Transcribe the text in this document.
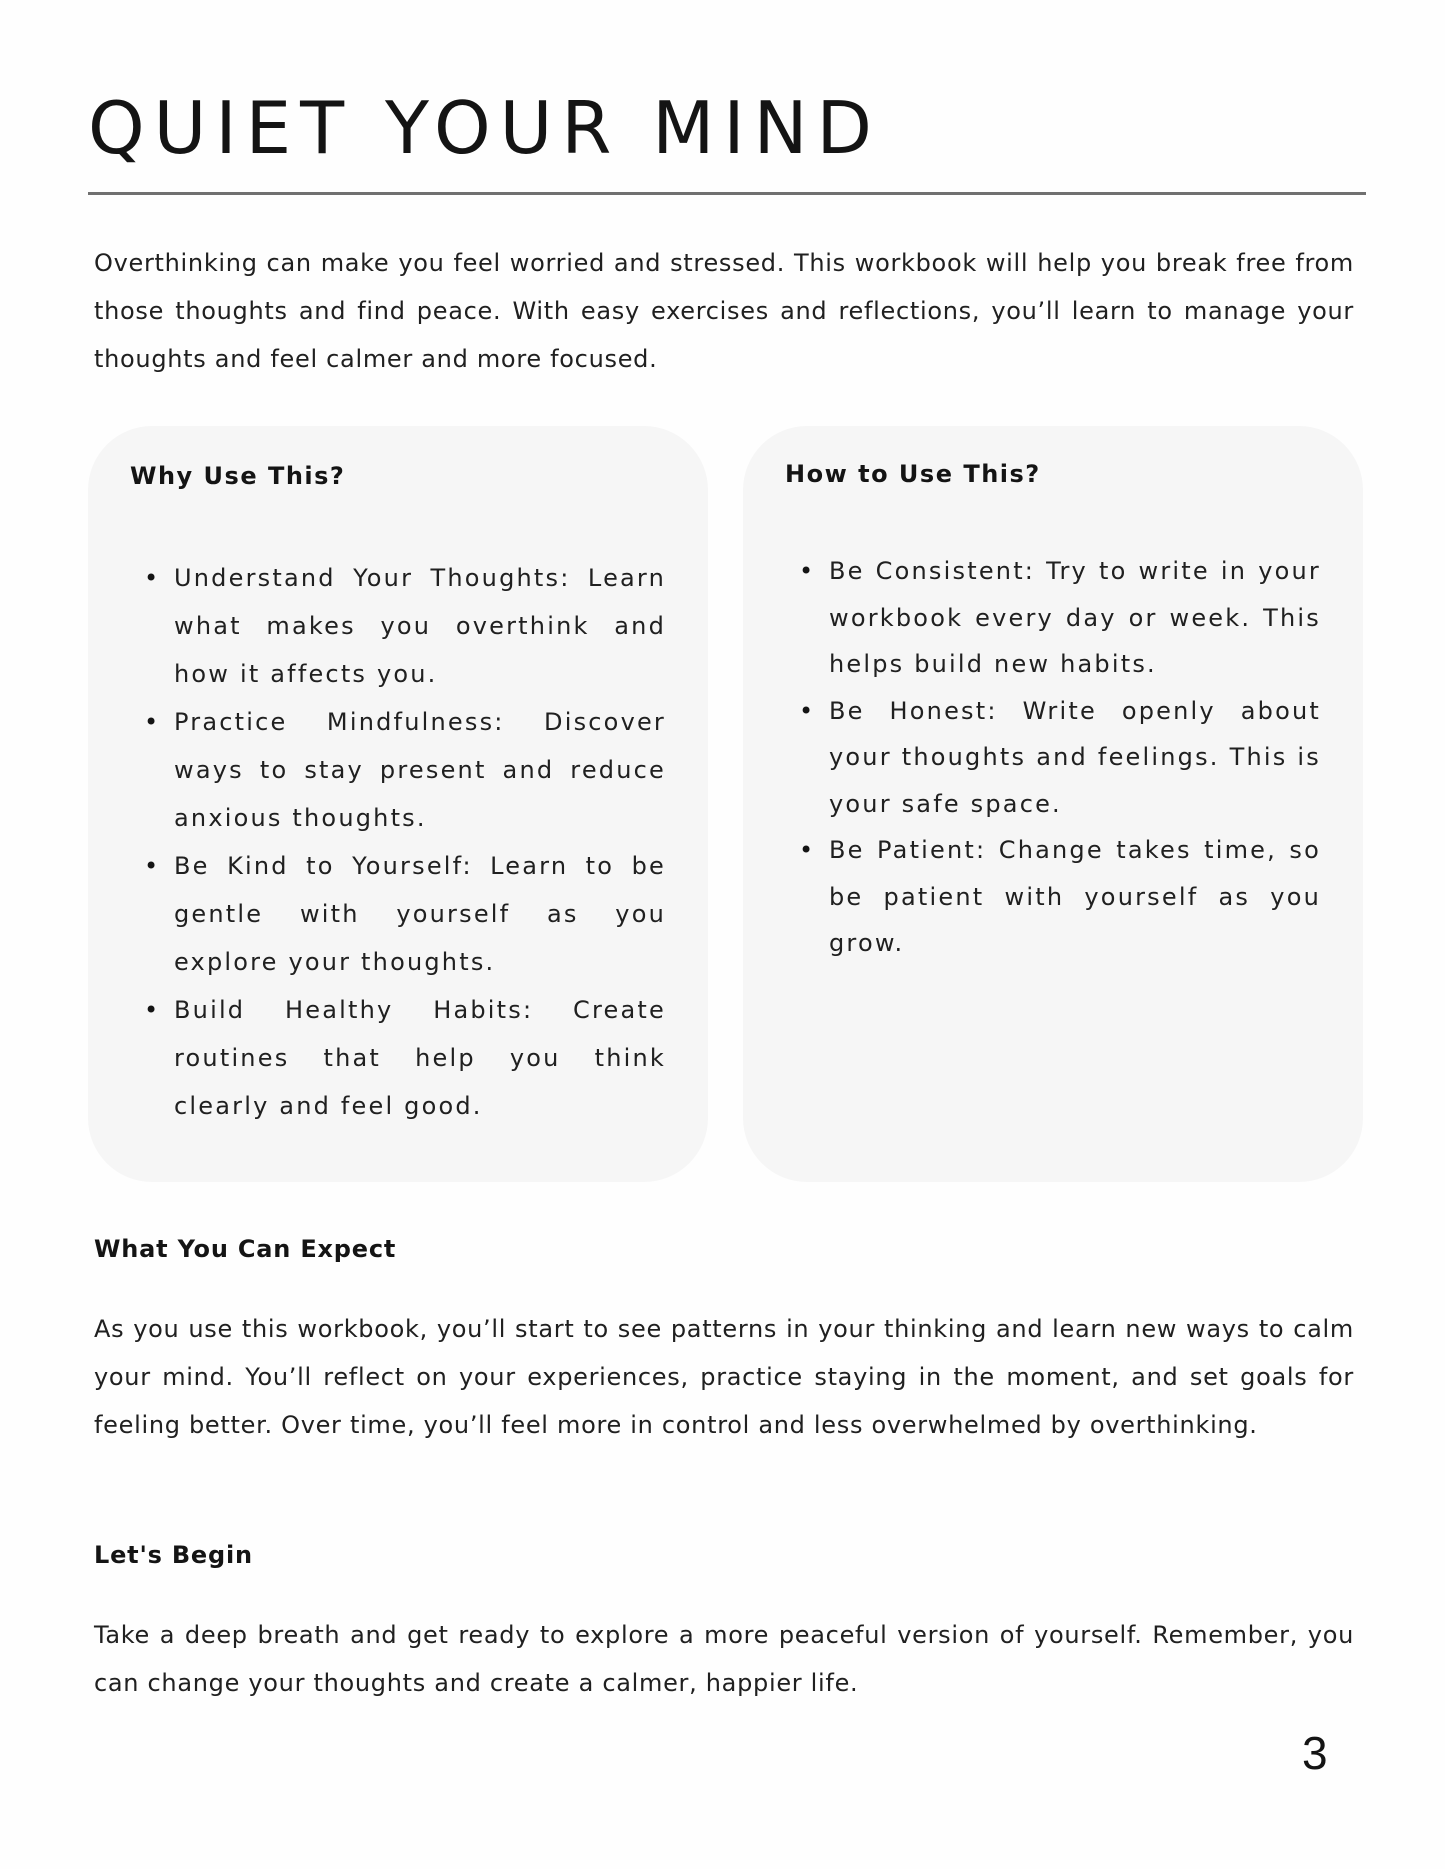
QUIET YOUR MIND

Overthinking can make you feel worried and stressed. This workbook will help you break free from those thoughts and find peace. With easy exercises and reflections, you’ll learn to manage your thoughts and feel calmer and more focused.

Why Use This?
• Understand Your Thoughts: Learn what makes you overthink and how it affects you.
• Practice Mindfulness: Discover ways to stay present and reduce anxious thoughts.
• Be Kind to Yourself: Learn to be gentle with yourself as you explore your thoughts.
• Build Healthy Habits: Create routines that help you think clearly and feel good.
How to Use This?
• Be Consistent: Try to write in your workbook every day or week. This helps build new habits.
• Be Honest: Write openly about your thoughts and feelings. This is your safe space.
• Be Patient: Change takes time, so be patient with yourself as you grow.
What You Can Expect

As you use this workbook, you’ll start to see patterns in your thinking and learn new ways to calm your mind. You’ll reflect on your experiences, practice staying in the moment, and set goals for feeling better. Over time, you’ll feel more in control and less overwhelmed by overthinking.

Let's Begin

Take a deep breath and get ready to explore a more peaceful version of yourself. Remember, you can change your thoughts and create a calmer, happier life.

3
